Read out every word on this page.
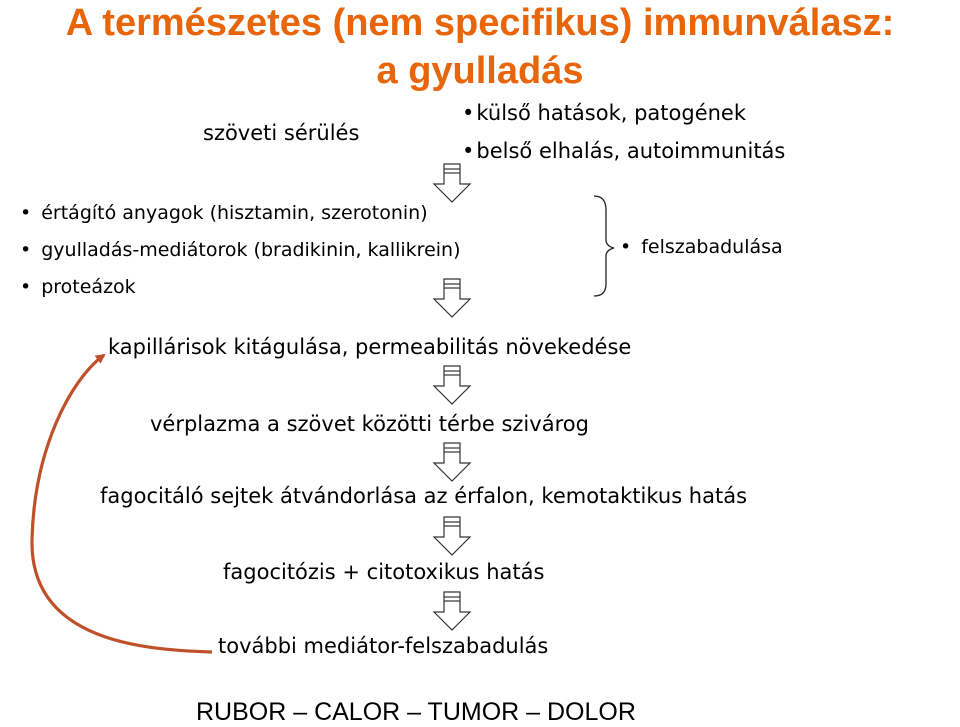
A természetes (nem specifikus) immunválasz:
a gyulladás
szöveti sérülés
• külső hatások, patogének
• belső elhalás, autoimmunitás
• értágító anyagok (hisztamin, szerotonin)
• gyulladás-mediátorok (bradikinin, kallikrein)
• proteázok
• felszabadulása
kapillárisok kitágulása, permeabilitás növekedése
vérplazma a szövet közötti térbe szivárog
fagocitáló sejtek átvándorlása az érfalon, kemotaktikus hatás
fagocitózis + citotoxikus hatás
további mediátor-felszabadulás
RUBOR – CALOR – TUMOR – DOLOR
